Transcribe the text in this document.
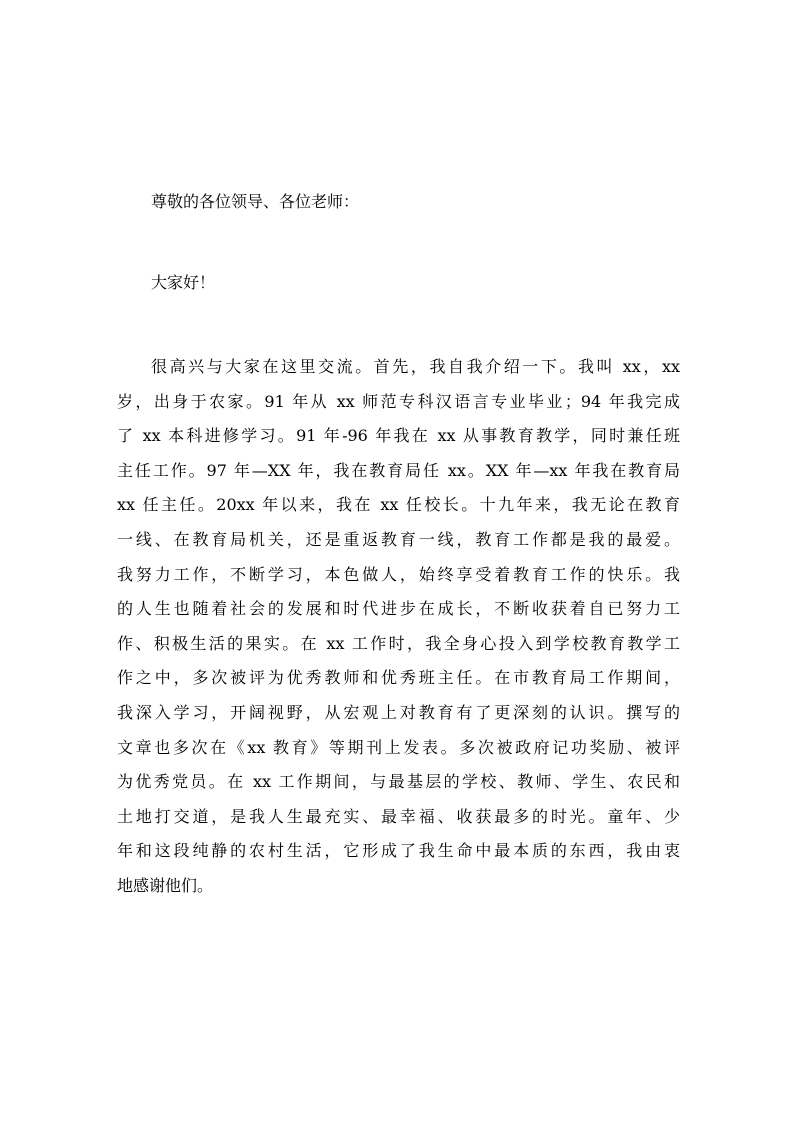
尊敬的各位领导、各位老师：

大家好！

很高兴与大家在这里交流。首先，我自我介绍一下。我叫 xx，xx
岁，出身于农家。91 年从 xx 师范专科汉语言专业毕业；94 年我完成
了 xx 本科进修学习。91 年-96 年我在 xx 从事教育教学，同时兼任班
主任工作。97 年—XX 年，我在教育局任 xx。XX 年—xx 年我在教育局
xx 任主任。20xx 年以来，我在 xx 任校长。十九年来，我无论在教育
一线、在教育局机关，还是重返教育一线，教育工作都是我的最爱。
我努力工作，不断学习，本色做人，始终享受着教育工作的快乐。我
的人生也随着社会的发展和时代进步在成长，不断收获着自已努力工
作、积极生活的果实。在 xx 工作时，我全身心投入到学校教育教学工
作之中，多次被评为优秀教师和优秀班主任。在市教育局工作期间，
我深入学习，开阔视野，从宏观上对教育有了更深刻的认识。撰写的
文章也多次在《xx 教育》等期刊上发表。多次被政府记功奖励、被评
为优秀党员。在 xx 工作期间，与最基层的学校、教师、学生、农民和
土地打交道，是我人生最充实、最幸福、收获最多的时光。童年、少
年和这段纯静的农村生活，它形成了我生命中最本质的东西，我由衷
地感谢他们。
